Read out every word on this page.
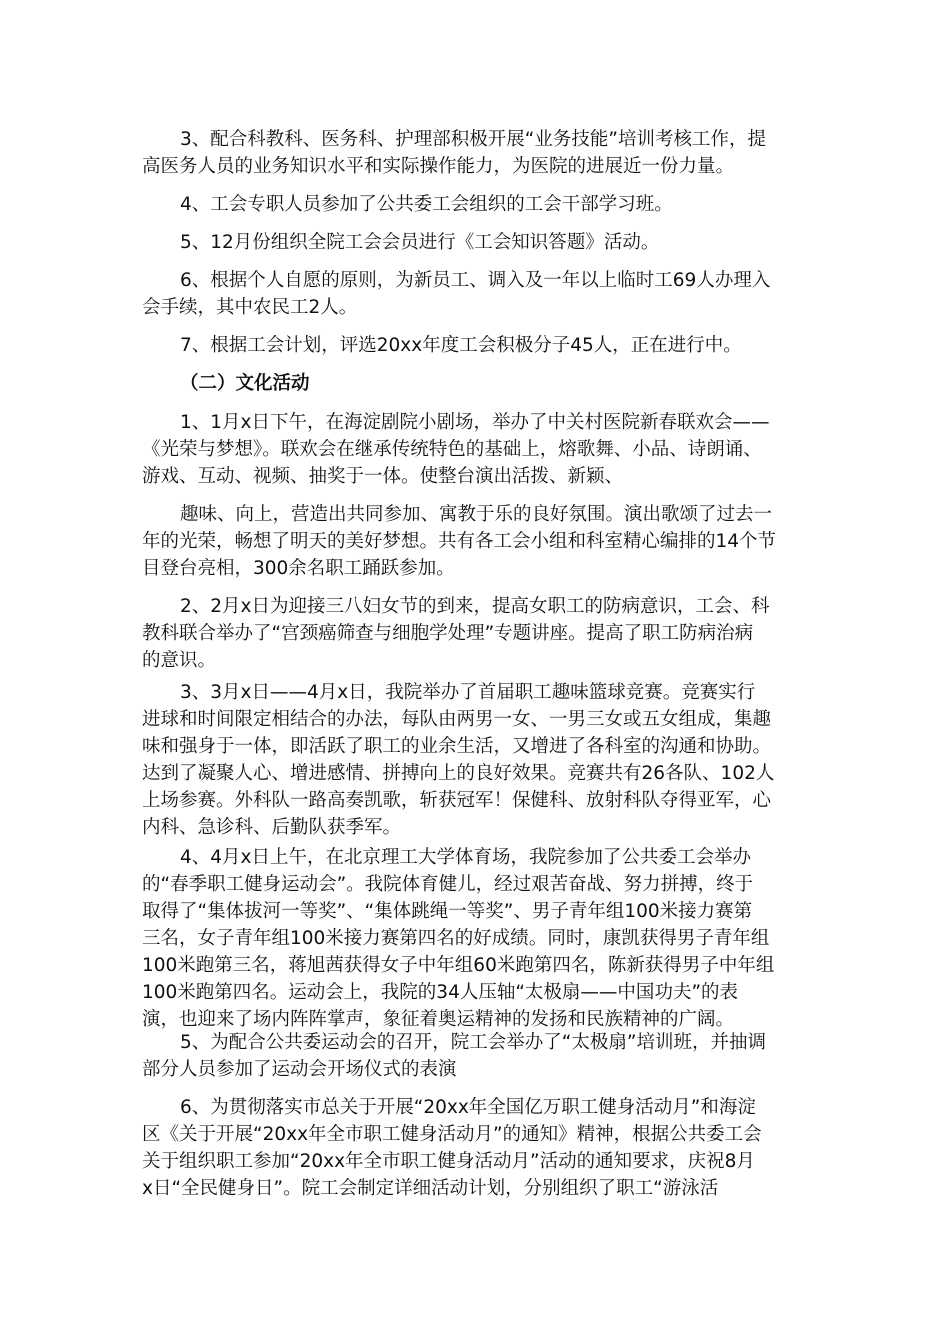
3、配合科教科、医务科、护理部积极开展“业务技能”培训考核工作，提
高医务人员的业务知识水平和实际操作能力，为医院的进展近一份力量。

4、工会专职人员参加了公共委工会组织的工会干部学习班。

5、12月份组织全院工会会员进行《工会知识答题》活动。

6、根据个人自愿的原则，为新员工、调入及一年以上临时工69人办理入
会手续，其中农民工2人。

7、根据工会计划，评选20xx年度工会积极分子45人，正在进行中。

（二）文化活动

1、1月x日下午，在海淀剧院小剧场，举办了中关村医院新春联欢会——
《光荣与梦想》。联欢会在继承传统特色的基础上，熔歌舞、小品、诗朗诵、
游戏、互动、视频、抽奖于一体。使整台演出活拨、新颖、

趣味、向上，营造出共同参加、寓教于乐的良好氛围。演出歌颂了过去一
年的光荣，畅想了明天的美好梦想。共有各工会小组和科室精心编排的14个节
目登台亮相，300余名职工踊跃参加。

2、2月x日为迎接三八妇女节的到来，提高女职工的防病意识，工会、科
教科联合举办了“宫颈癌筛查与细胞学处理”专题讲座。提高了职工防病治病
的意识。

3、3月x日——4月x日，我院举办了首届职工趣味篮球竞赛。竞赛实行
进球和时间限定相结合的办法，每队由两男一女、一男三女或五女组成，集趣
味和强身于一体，即活跃了职工的业余生活，又增进了各科室的沟通和协助。
达到了凝聚人心、增进感情、拼搏向上的良好效果。竞赛共有26各队、102人
上场参赛。外科队一路高奏凯歌，斩获冠军！保健科、放射科队夺得亚军，心
内科、急诊科、后勤队获季军。

4、4月x日上午，在北京理工大学体育场，我院参加了公共委工会举办
的“春季职工健身运动会”。我院体育健儿，经过艰苦奋战、努力拼搏，终于
取得了“集体拔河一等奖”、“集体跳绳一等奖”、男子青年组100米接力赛第
三名，女子青年组100米接力赛第四名的好成绩。同时，康凯获得男子青年组
100米跑第三名，蒋旭茜获得女子中年组60米跑第四名，陈新获得男子中年组
100米跑第四名。运动会上，我院的34人压轴“太极扇——中国功夫”的表
演，也迎来了场内阵阵掌声，象征着奥运精神的发扬和民族精神的广阔。

5、为配合公共委运动会的召开，院工会举办了“太极扇”培训班，并抽调
部分人员参加了运动会开场仪式的表演

6、为贯彻落实市总关于开展“20xx年全国亿万职工健身活动月”和海淀
区《关于开展“20xx年全市职工健身活动月”的通知》精神，根据公共委工会
关于组织职工参加“20xx年全市职工健身活动月”活动的通知要求，庆祝8月
x日“全民健身日”。院工会制定详细活动计划，分别组织了职工“游泳活
